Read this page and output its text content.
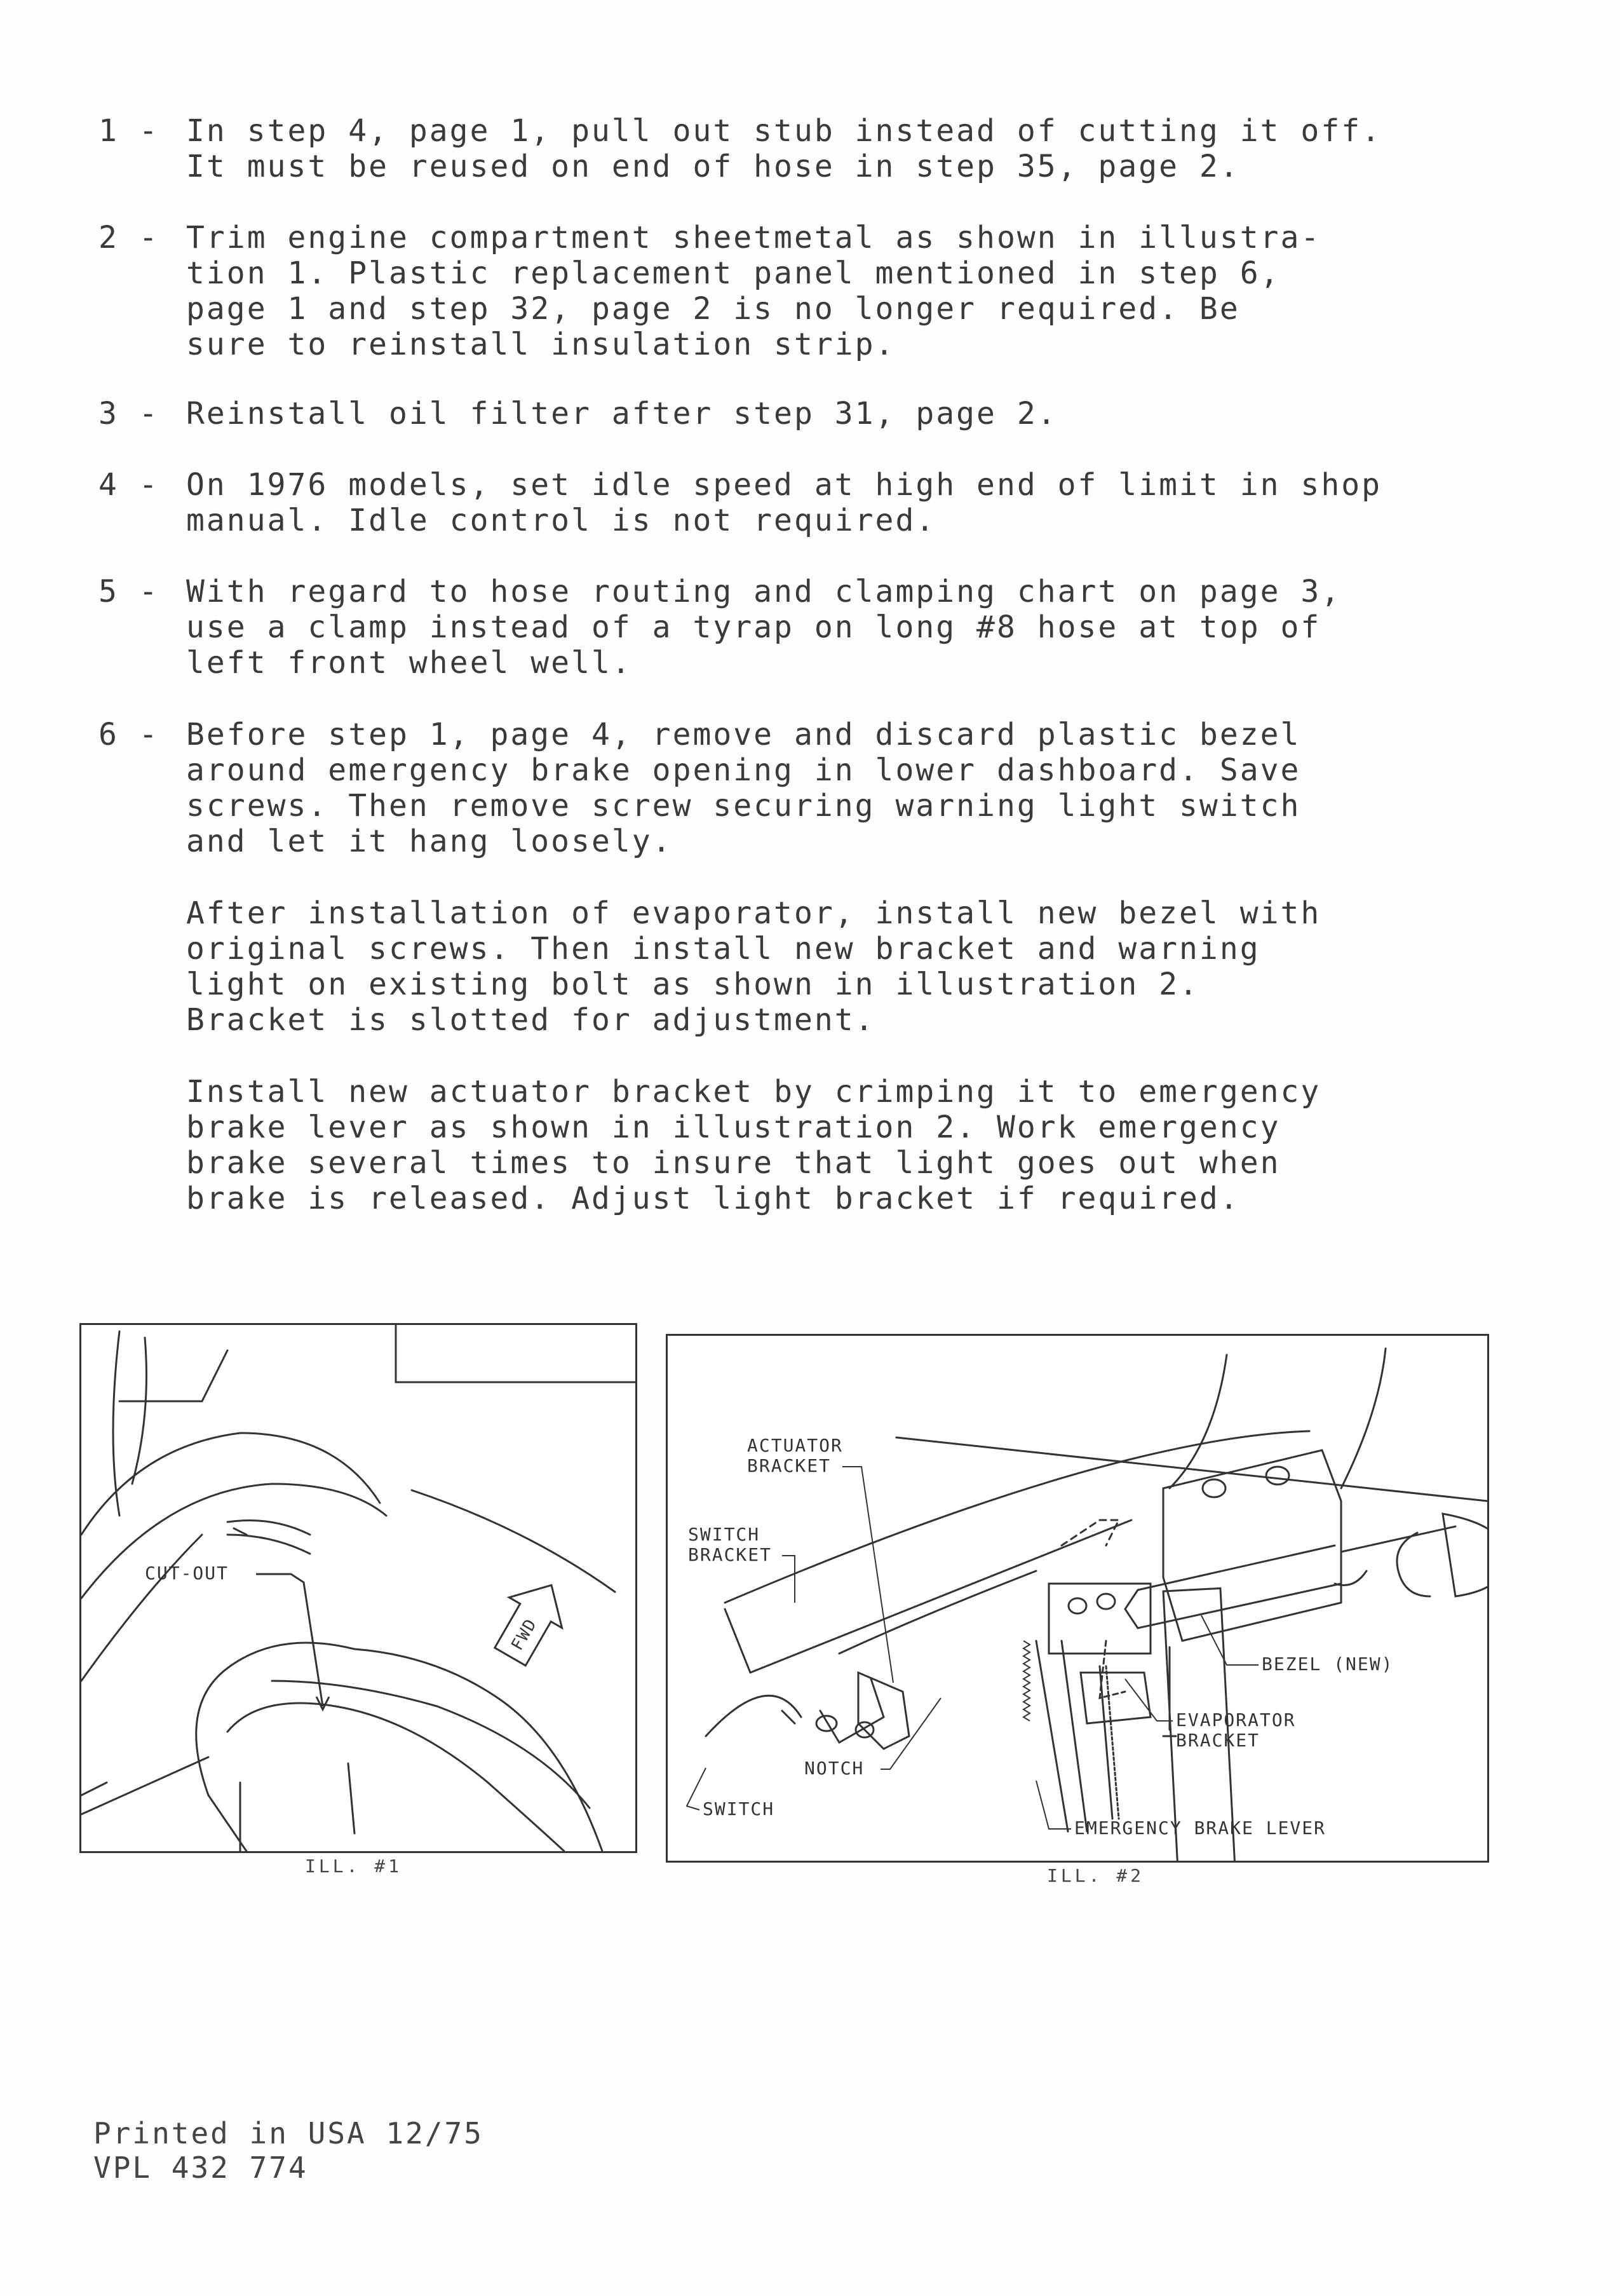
1 - In step 4, page 1, pull out stub instead of cutting it off.
It must be reused on end of hose in step 35, page 2.

2 - Trim engine compartment sheetmetal as shown in illustra-
tion 1. Plastic replacement panel mentioned in step 6,
page 1 and step 32, page 2 is no longer required. Be
sure to reinstall insulation strip.

3 - Reinstall oil filter after step 31, page 2.

4 - On 1976 models, set idle speed at high end of limit in shop
manual. Idle control is not required.

5 - With regard to hose routing and clamping chart on page 3,
use a clamp instead of a tyrap on long #8 hose at top of
left front wheel well.

6 - Before step 1, page 4, remove and discard plastic bezel
around emergency brake opening in lower dashboard. Save
screws. Then remove screw securing warning light switch
and let it hang loosely.

After installation of evaporator, install new bezel with
original screws. Then install new bracket and warning
light on existing bolt as shown in illustration 2.
Bracket is slotted for adjustment.
Install new actuator bracket by crimping it to emergency
brake lever as shown in illustration 2. Work emergency
brake several times to insure that light goes out when
brake is released. Adjust light bracket if required.
CUT-OUT
FWD
ILL. #1
ACTUATOR
BRACKET
SWITCH
BRACKET
BEZEL (NEW)
EVAPORATOR
BRACKET
NOTCH
SWITCH
EMERGENCY BRAKE LEVER
ILL. #2
Printed in USA 12/75
VPL 432 774
